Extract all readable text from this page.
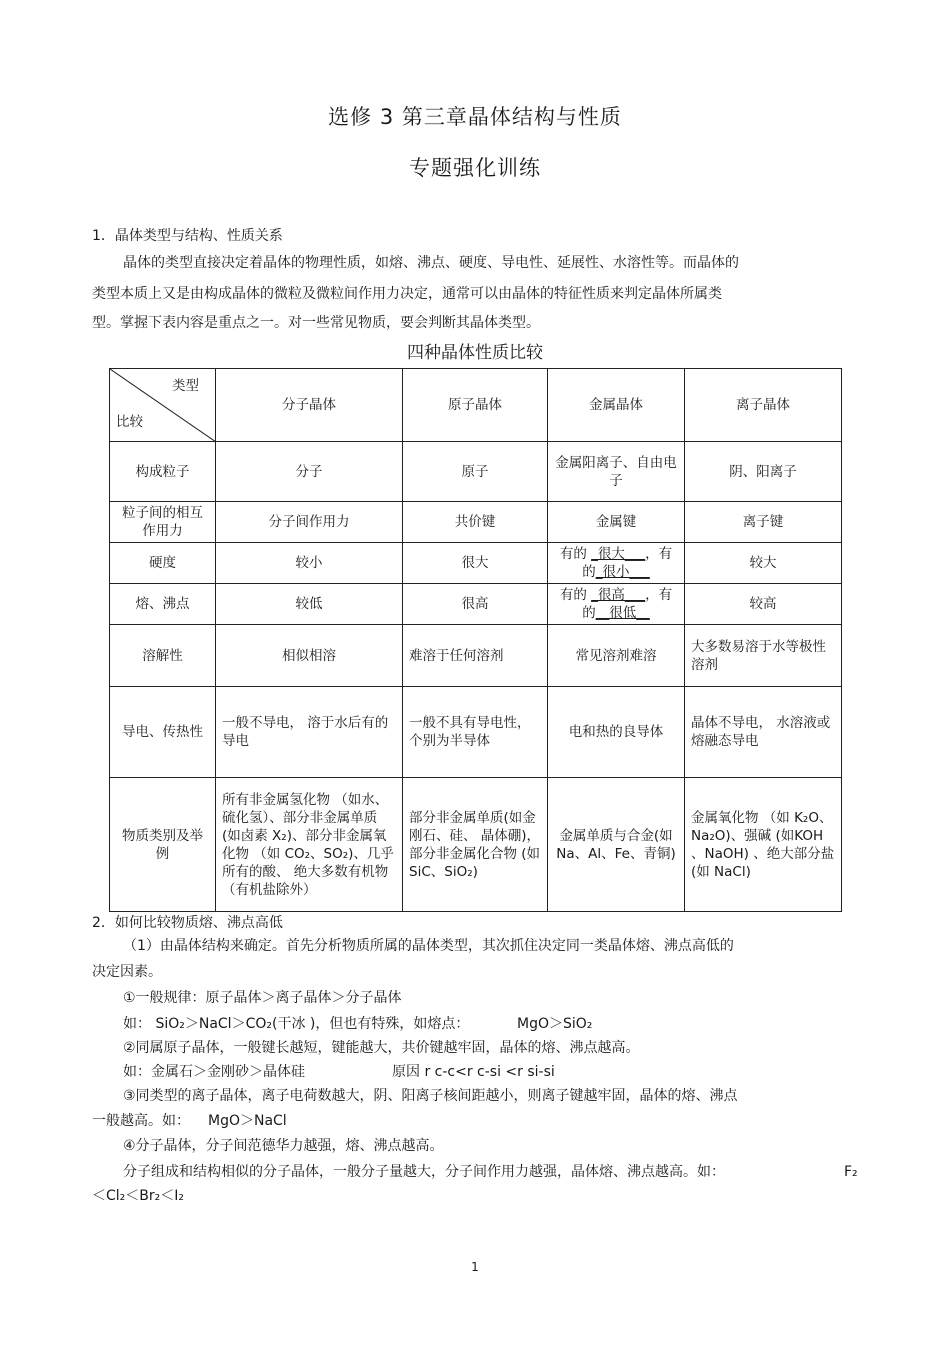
选修 3 第三章晶体结构与性质
专题强化训练
1．晶体类型与结构、性质关系
晶体的类型直接决定着晶体的物理性质，如熔、沸点、硬度、导电性、延展性、水溶性等。而晶体的
类型本质上又是由构成晶体的微粒及微粒间作用力决定，通常可以由晶体的特征性质来判定晶体所属类
型。掌握下表内容是重点之一。对一些常见物质，要会判断其晶体类型。
四种晶体性质比较
类型
比较	分子晶体	原子晶体	金属晶体	离子晶体
构成粒子	分子	原子	金属阳离子、自由电子	阴、阳离子
粒子间的相互作用力	分子间作用力	共价键	金属键	离子键
硬度	较小	很大	有的 _很大___，有的_很小___	较大
熔、沸点	较低	很高	有的 _很高___，有的__很低__	较高
溶解性	相似相溶	难溶于任何溶剂	常见溶剂难溶	大多数易溶于水等极性溶剂
导电、传热性	一般不导电， 溶于水后有的导电	一般不具有导电性，个别为半导体	电和热的良导体	晶体不导电， 水溶液或熔融态导电
物质类别及举例	所有非金属氢化物 （如水、硫化氢）、部分非金属单质 (如卤素 X₂)、部分非金属氧化物 （如 CO₂、SO₂)、几乎所有的酸、 绝大多数有机物 （有机盐除外）	部分非金属单质(如金刚石、硅、 晶体硼)，部分非金属化合物 (如 SiC、SiO₂)	金属单质与合金(如 Na、Al、Fe、青铜)	金属氧化物 （如 K₂O、Na₂O)、强碱 (如KOH 、NaOH) 、绝大部分盐 (如 NaCl)
2．如何比较物质熔、沸点高低
（1）由晶体结构来确定。首先分析物质所属的晶体类型，其次抓住决定同一类晶体熔、沸点高低的
决定因素。
①一般规律：原子晶体＞离子晶体＞分子晶体
如： SiO₂＞NaCl＞CO₂(干冰 )，但也有特殊，如熔点：	MgO＞SiO₂
②同属原子晶体，一般键长越短，键能越大，共价键越牢固，晶体的熔、沸点越高。
如：金属石＞金刚砂＞晶体硅	原因 r c-c<r c-si <r si-si
③同类型的离子晶体，离子电荷数越大，阴、阳离子核间距越小，则离子键越牢固，晶体的熔、沸点
一般越高。如： MgO＞NaCl
④分子晶体，分子间范德华力越强，熔、沸点越高。
分子组成和结构相似的分子晶体，一般分子量越大，分子间作用力越强，晶体熔、沸点越高。如：	F₂
＜Cl₂＜Br₂＜I₂
1
